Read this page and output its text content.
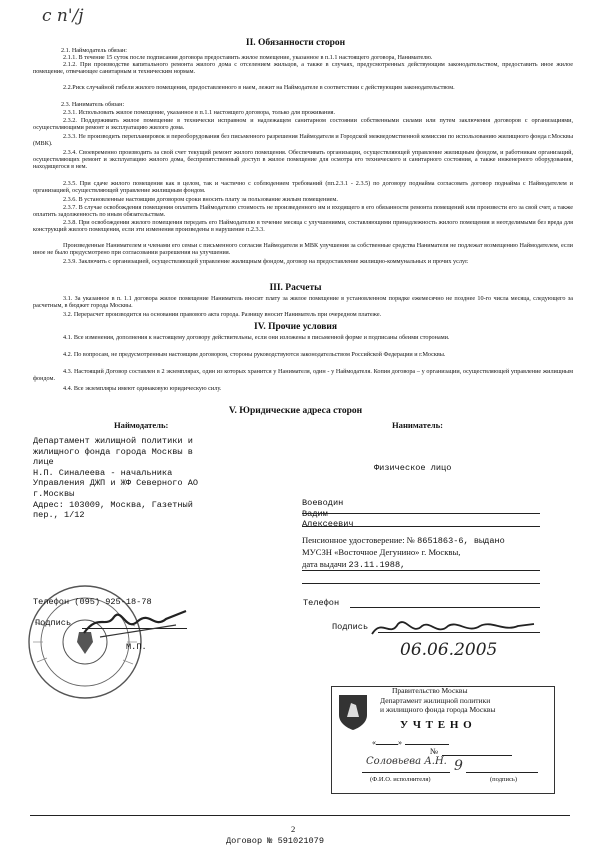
с п'/j
II. Обязанности сторон
2.1. Наймодатель обязан:
2.1.1. В течение 15 суток после подписания договора предоставить жилое помещение, указанное в п.1.1 настоящего договора, Нанимателю.
2.1.2. При производстве капитального ремонта жилого дома с отселением жильцов, а также в случаях, предусмотренных действующим законодательством, предоставить иное жилое помещение, отвечающее санитарным и техническим нормам.
2.2.Риск случайной гибели жилого помещения, предоставленного в наем, лежит на Наймодателе в соответствии с действующим законодательством.
2.3. Наниматель обязан:
2.3.1. Использовать жилое помещение, указанное в п.1.1 настоящего договора, только для проживания.
2.3.2. Поддерживать жилое помещение в технически исправном и надлежащем санитарном состоянии собственными силами или путем заключения договоров с организациями, осуществляющими ремонт и эксплуатацию жилого дома.
2.3.3. Не производить перепланировок и переоборудования без письменного разрешения Наймодателя и Городской межведомственной комиссии по использованию жилищного фонда г.Москвы (МВК).
2.3.4. Своевременно производить за свой счет текущий ремонт жилого помещения. Обеспечивать организации, осуществляющей управление жилищным фондом, и работникам организаций, осуществляющих ремонт и эксплуатацию жилого дома, беспрепятственный доступ в жилое помещение для осмотра его технического и санитарного состояния, а также инженерного оборудования, находящегося в нем.
2.3.5. При сдаче жилого помещения как в целом, так и частично с соблюдением требований (пп.2.3.1 - 2.3.5) по договору поднайма согласовать договор поднайма с Наймодателем и организацией, осуществляющей управление жилищным фондом.
2.3.6. В установленные настоящим договором сроки вносить плату за пользование жилым помещением.
2.3.7. В случае освобождения помещения оплатить Наймодателю стоимость не произведенного им и входящего в его обязанности ремонта помещений или произвести его за свой счет, а также оплатить задолженность по иным обязательствам.
2.3.8. При освобождении жилого помещения передать его Наймодателю в течение месяца с улучшениями, составляющими принадлежность жилого помещения и неотделимыми без вреда для конструкций жилого помещения, если эти изменения произведены в нарушение п.2.3.3.
Произведенные Нанимателем и членами его семьи с письменного согласия Наймодателя и МВК улучшения за собственные средства Нанимателя не подлежат возмещению Наймодателем, если иное не было предусмотрено при согласовании разрешения на улучшения.
2.3.9. Заключить с организацией, осуществляющей управление жилищным фондом, договор на предоставление жилищно-коммунальных и прочих услуг.
III. Расчеты
3.1. За указанное в п. 1.1 договора жилое помещение Наниматель вносит плату за жилое помещение в установленном порядке ежемесячно не позднее 10-го числа месяца, следующего за расчетным, в бюджет города Москвы.
3.2. Перерасчет производится на основании правового акта города. Разницу вносит Наниматель при очередном платеже.
IV. Прочие условия
4.1. Все изменения, дополнения к настоящему договору действительны, если они изложены в письменной форме и подписаны обеими сторонами.
4.2. По вопросам, не предусмотренным настоящим договором, стороны руководствуются законодательством Российской Федерации и г.Москвы.
4.3. Настоящий Договор составлен в 2 экземплярах, один из которых хранится у Нанимателя, один - у Наймодателя. Копия договора – у организации, осуществляющей управление жилищным фондом.
4.4. Все экземпляры имеют одинаковую юридическую силу.
V. Юридические адреса сторон
Наймодатель:	Наниматель:
Департамент жилищной политики и
жилищного фонда города Москвы в
лице
Н.П. Синалеева - начальника
Управления ДЖП и ЖФ Северного АО
г.Москвы
Адрес: 103009, Москва, Газетный
пер., 1/12
Физическое лицо
Воеводин
Вадим
Алексеевич
Пенсионное удостоверение: № 8651863-6, выдано
МУСЗН «Восточное Дегунино» г. Москвы,
дата выдачи 23.11.1988,
Телефон (095) 925-18-78
Подпись
М.П.
Телефон
Подпись
06.06.2005
Правительство Москвы
Департамент жилищной политики
и жилищного фонда города Москвы
У Ч Т Е Н О
«	»
№
Соловьева А.Н. 9
(Ф.И.О. исполнителя)	(подпись)
2
Договор № 591021079
